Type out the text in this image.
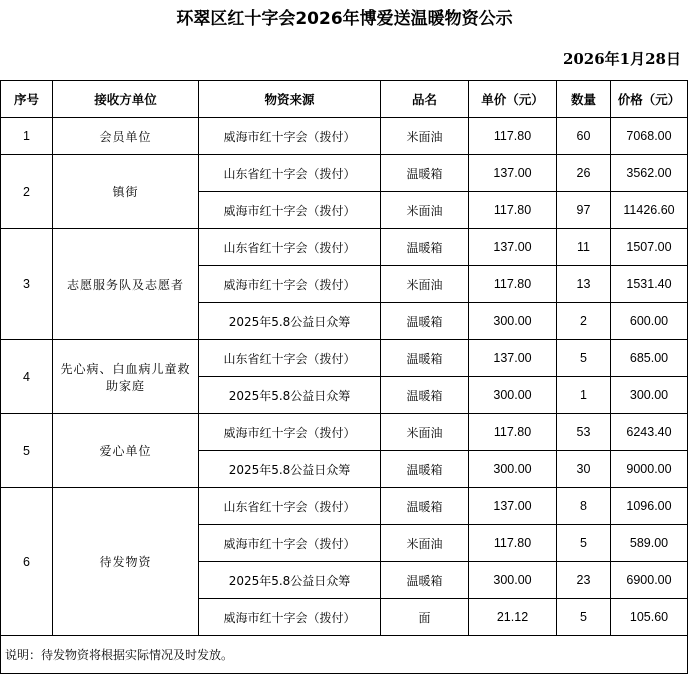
环翠区红十字会2026年博爱送温暖物资公示
2026年1月28日
序号	接收方单位	物资来源	品名	单价（元）	数量	价格（元）
1	会员单位	威海市红十字会（拨付）	米面油	117.80	60	7068.00
2	镇街	山东省红十字会（拨付）	温暖箱	137.00	26	3562.00
		威海市红十字会（拨付）	米面油	117.80	97	11426.60
3	志愿服务队及志愿者	山东省红十字会（拨付）	温暖箱	137.00	11	1507.00
		威海市红十字会（拨付）	米面油	117.80	13	1531.40
		2025年5.8公益日众筹	温暖箱	300.00	2	600.00
4	先心病、白血病儿童救助家庭	山东省红十字会（拨付）	温暖箱	137.00	5	685.00
		2025年5.8公益日众筹	温暖箱	300.00	1	300.00
5	爱心单位	威海市红十字会（拨付）	米面油	117.80	53	6243.40
		2025年5.8公益日众筹	温暖箱	300.00	30	9000.00
6	待发物资	山东省红十字会（拨付）	温暖箱	137.00	8	1096.00
		威海市红十字会（拨付）	米面油	117.80	5	589.00
		2025年5.8公益日众筹	温暖箱	300.00	23	6900.00
		威海市红十字会（拨付）	面	21.12	5	105.60
说明：待发物资将根据实际情况及时发放。						
